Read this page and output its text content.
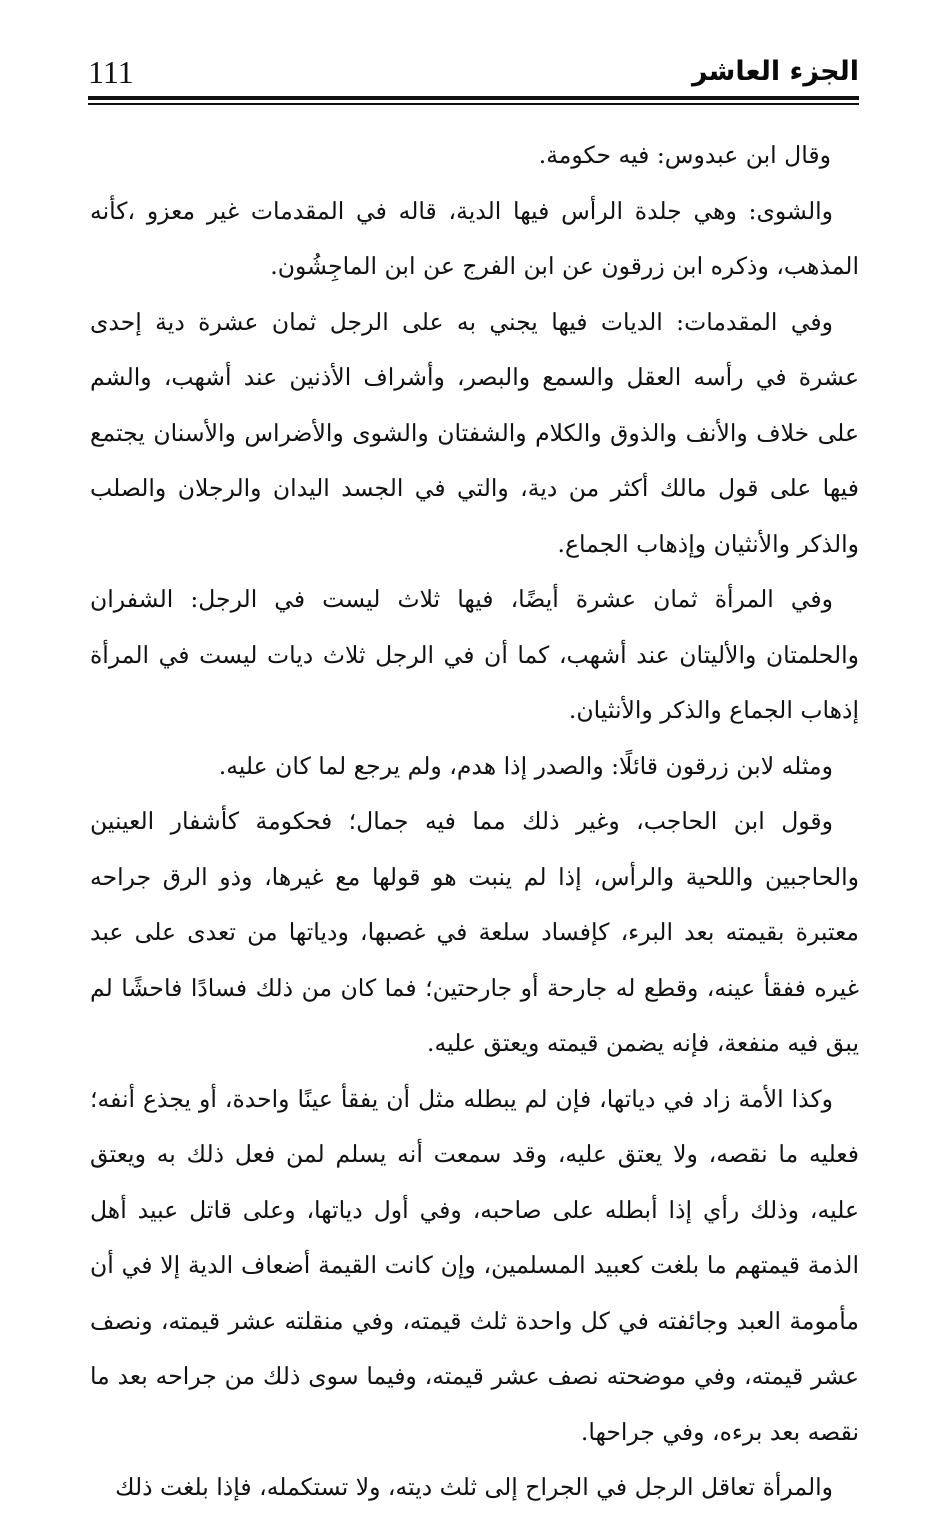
الجزء العاشر
111

وقال ابن عبدوس: فيه حكومة.

والشوى: وهي جلدة الرأس فيها الدية، قاله في المقدمات غير معزو ،كأنه المذهب، وذكره ابن زرقون عن ابن الفرج عن ابن الماجِشُون.

وفي المقدمات: الديات فيها يجني به على الرجل ثمان عشرة دية إحدى عشرة في رأسه العقل والسمع والبصر، وأشراف الأذنين عند أشهب، والشم على خلاف والأنف والذوق والكلام والشفتان والشوى والأضراس والأسنان يجتمع فيها على قول مالك أكثر من دية، والتي في الجسد اليدان والرجلان والصلب والذكر والأنثيان وإذهاب الجماع.

وفي المرأة ثمان عشرة أيضًا، فيها ثلاث ليست في الرجل: الشفران والحلمتان والأليتان عند أشهب، كما أن في الرجل ثلاث ديات ليست في المرأة إذهاب الجماع والذكر والأنثيان.

ومثله لابن زرقون قائلًا: والصدر إذا هدم، ولم يرجع لما كان عليه.

وقول ابن الحاجب، وغير ذلك مما فيه جمال؛ فحكومة كأشفار العينين والحاجبين واللحية والرأس، إذا لم ينبت هو قولها مع غيرها، وذو الرق جراحه معتبرة بقيمته بعد البرء، كإفساد سلعة في غصبها، ودياتها من تعدى على عبد غيره ففقأ عينه، وقطع له جارحة أو جارحتين؛ فما كان من ذلك فسادًا فاحشًا لم يبق فيه منفعة، فإنه يضمن قيمته ويعتق عليه.

وكذا الأمة زاد في دياتها، فإن لم يبطله مثل أن يفقأ عينًا واحدة، أو يجذع أنفه؛ فعليه ما نقصه، ولا يعتق عليه، وقد سمعت أنه يسلم لمن فعل ذلك به ويعتق عليه، وذلك رأي إذا أبطله على صاحبه، وفي أول دياتها، وعلى قاتل عبيد أهل الذمة قيمتهم ما بلغت كعبيد المسلمين، وإن كانت القيمة أضعاف الدية إلا في أن مأمومة العبد وجائفته في كل واحدة ثلث قيمته، وفي منقلته عشر قيمته، ونصف عشر قيمته، وفي موضحته نصف عشر قيمته، وفيما سوى ذلك من جراحه بعد ما نقصه بعد برءه، وفي جراحها.

والمرأة تعاقل الرجل في الجراح إلى ثلث ديته، ولا تستكمله، فإذا بلغت ذلك
